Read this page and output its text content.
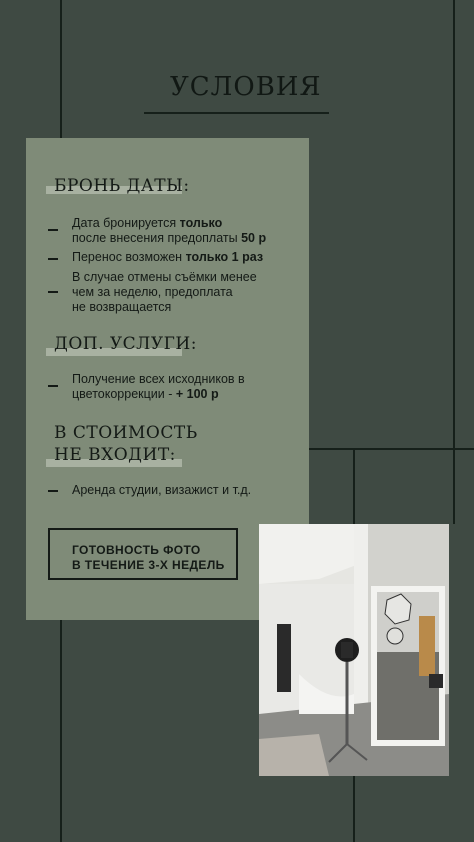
УСЛОВИЯ
БРОНЬ ДАТЫ:
Дата бронируется только
после внесения предоплаты 50 р
Перенос возможен только 1 раз
В случае отмены съёмки менее
чем за неделю, предоплата
не возвращается
ДОП. УСЛУГИ:
Получение всех исходников в
цветокоррекции - + 100 р
В СТОИМОСТЬ
НЕ ВХОДИТ:
Аренда студии, визажист и т.д.
ГОТОВНОСТЬ ФОТО
В ТЕЧЕНИЕ 3-Х НЕДЕЛЬ
